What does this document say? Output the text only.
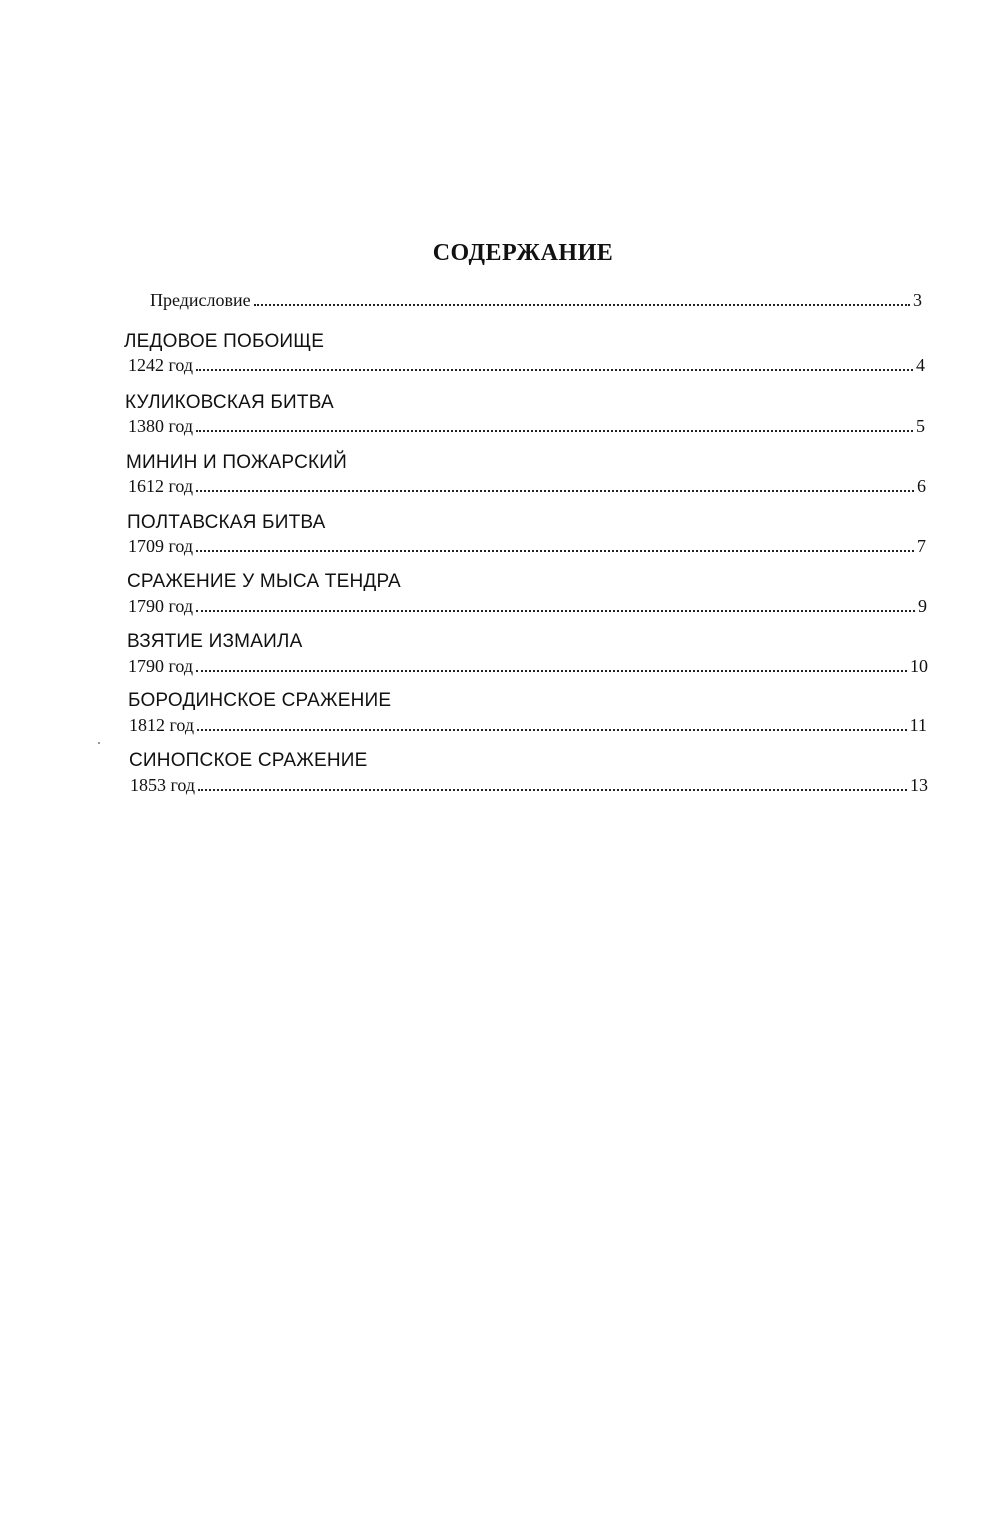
СОДЕРЖАНИЕ
Предисловие	3
ЛЕДОВОЕ ПОБОИЩЕ
1242 год	4
КУЛИКОВСКАЯ БИТВА
1380 год	5
МИНИН И ПОЖАРСКИЙ
1612 год	6
ПОЛТАВСКАЯ БИТВА
1709 год	7
СРАЖЕНИЕ У МЫСА ТЕНДРА
1790 год	9
ВЗЯТИЕ ИЗМАИЛА
1790 год	10
БОРОДИНСКОЕ СРАЖЕНИЕ
1812 год	11
СИНОПСКОЕ СРАЖЕНИЕ
1853 год	13
